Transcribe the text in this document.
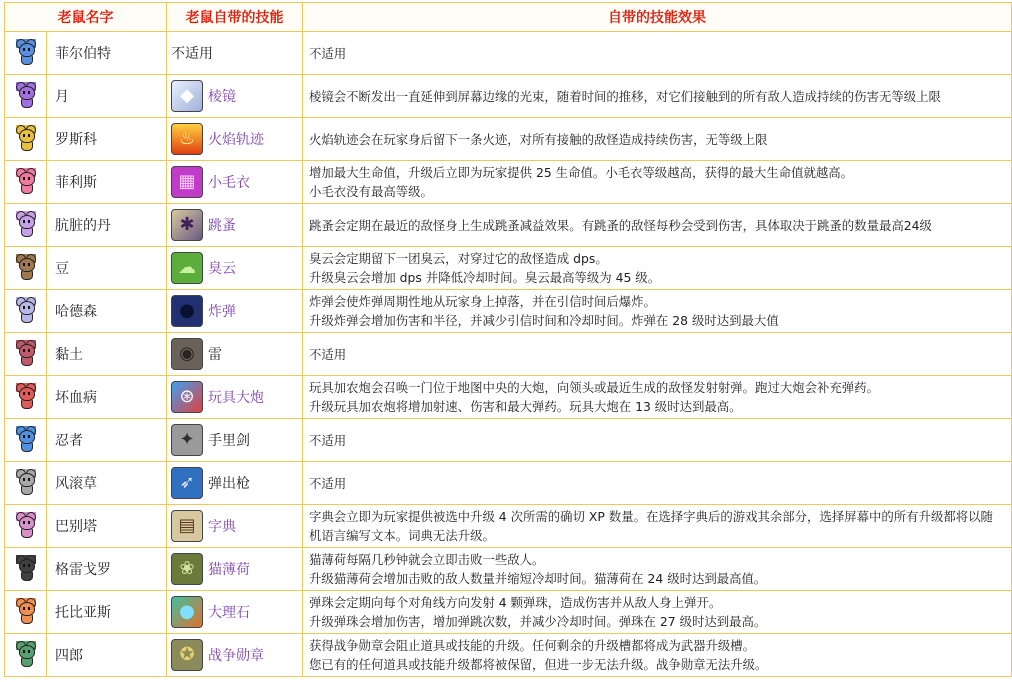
老鼠名字		老鼠自带的技能	自带的技能效果

	菲尔伯特	不适用	不适用

	月	◆ 棱镜	棱镜会不断发出一直延伸到屏幕边缘的光束，随着时间的推移，对它们接触到的所有敌人造成持续的伤害无等级上限

	罗斯科	♨ 火焰轨迹	火焰轨迹会在玩家身后留下一条火迹，对所有接触的敌怪造成持续伤害，无等级上限

	菲利斯	▦ 小毛衣	增加最大生命值，升级后立即为玩家提供 25 生命值。小毛衣等级越高，获得的最大生命值就越高。
小毛衣没有最高等级。

	肮脏的丹	✱ 跳蚤	跳蚤会定期在最近的敌怪身上生成跳蚤减益效果。有跳蚤的敌怪每秒会受到伤害，具体取决于跳蚤的数量最高24级

	豆	☁ 臭云	臭云会定期留下一团臭云，对穿过它的敌怪造成 dps。
升级臭云会增加 dps 并降低冷却时间。臭云最高等级为 45 级。

	哈德森	● 炸弹	炸弹会使炸弹周期性地从玩家身上掉落，并在引信时间后爆炸。
升级炸弹会增加伤害和半径，并减少引信时间和冷却时间。炸弹在 28 级时达到最大值

	黏土	◉ 雷	不适用

	坏血病	⊛ 玩具大炮	玩具加农炮会召唤一门位于地图中央的大炮，向领头或最近生成的敌怪发射射弹。跑过大炮会补充弹药。
升级玩具加农炮将增加射速、伤害和最大弹药。玩具大炮在 13 级时达到最高。

	忍者	✦ 手里剑	不适用

	风滚草	➶ 弹出枪	不适用

	巴别塔	▤ 字典	字典会立即为玩家提供被选中升级 4 次所需的确切 XP 数量。在选择字典后的游戏其余部分，选择屏幕中的所有升级都将以随机语言编写文本。词典无法升级。

	格雷戈罗	❀ 猫薄荷	猫薄荷每隔几秒钟就会立即击败一些敌人。
升级猫薄荷会增加击败的敌人数量并缩短冷却时间。猫薄荷在 24 级时达到最高值。

	托比亚斯	● 大理石	弹珠会定期向每个对角线方向发射 4 颗弹珠，造成伤害并从敌人身上弹开。
升级弹珠会增加伤害，增加弹跳次数，并减少冷却时间。弹珠在 27 级时达到最高。

	四郎	✪ 战争勋章	获得战争勋章会阻止道具或技能的升级。任何剩余的升级槽都将成为武器升级槽。
您已有的任何道具或技能升级都将被保留，但进一步无法升级。战争勋章无法升级。
